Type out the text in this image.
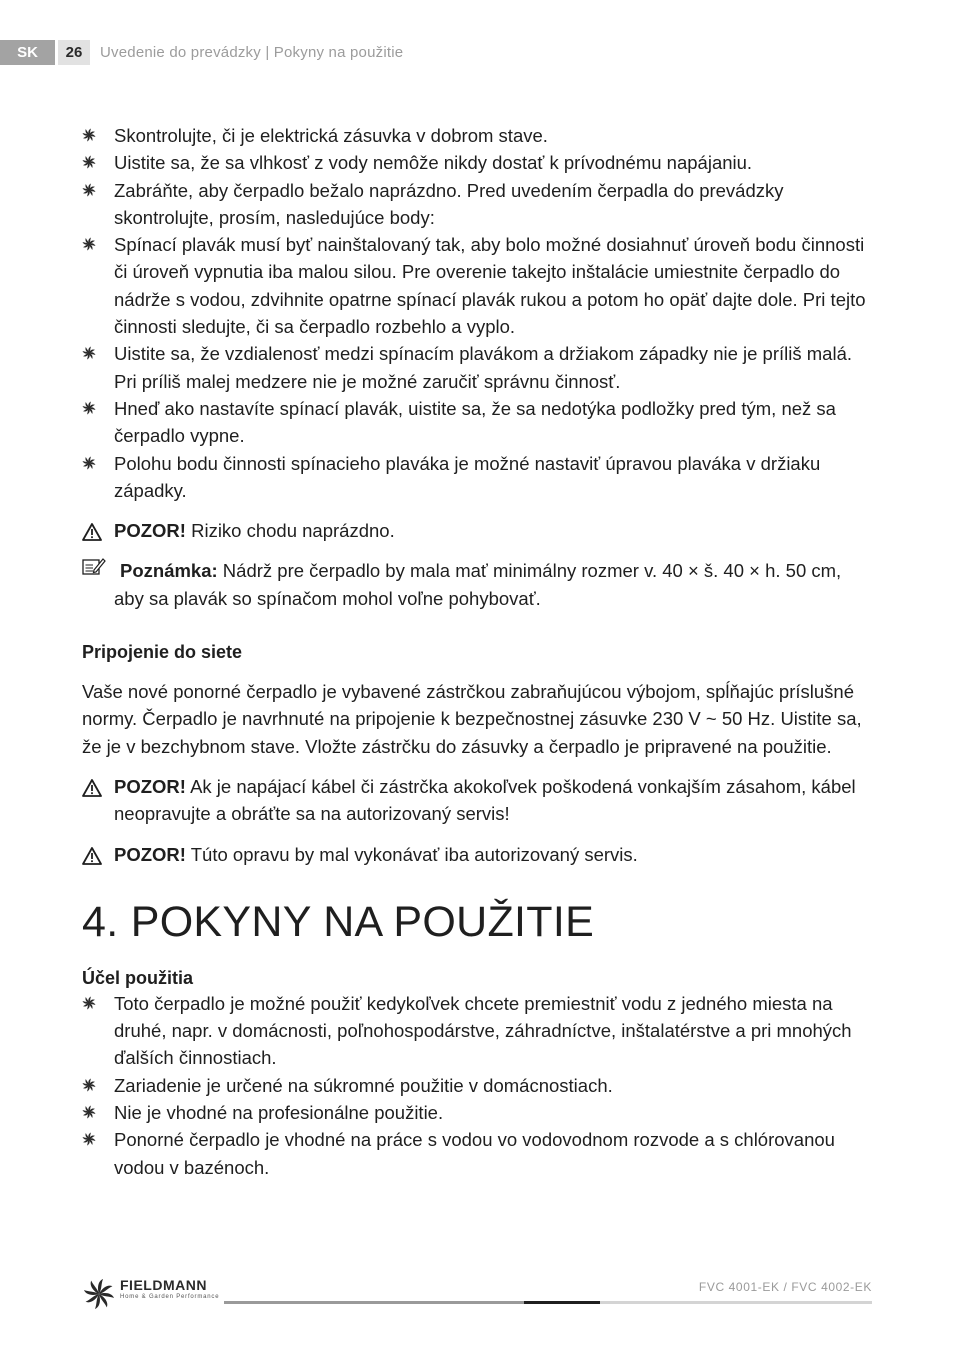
SK	26	Uvedenie do prevádzky | Pokyny na použitie
Skontrolujte, či je elektrická zásuvka v dobrom stave.
Uistite sa, že sa vlhkosť z vody nemôže nikdy dostať k prívodnému napájaniu.
Zabráňte, aby čerpadlo bežalo naprázdno. Pred uvedením čerpadla do prevádzky skontrolujte, prosím, nasledujúce body:
Spínací plavák musí byť nainštalovaný tak, aby bolo možné dosiahnuť úroveň bodu činnosti či úroveň vypnutia iba malou silou. Pre overenie takejto inštalácie umiestnite čerpadlo do nádrže s vodou, zdvihnite opatrne spínací plavák rukou a potom ho opäť dajte dole. Pri tejto činnosti sledujte, či sa čerpadlo rozbehlo a vyplo.
Uistite sa, že vzdialenosť medzi spínacím plavákom a držiakom západky nie je príliš malá. Pri príliš malej medzere nie je možné zaručiť správnu činnosť.
Hneď ako nastavíte spínací plavák, uistite sa, že sa nedotýka podložky pred tým, než sa čerpadlo vypne.
Polohu bodu činnosti spínacieho plaváka je možné nastaviť úpravou plaváka v držiaku západky.
POZOR! Riziko chodu naprázdno.
Poznámka: Nádrž pre čerpadlo by mala mať minimálny rozmer v. 40 × š. 40 × h. 50 cm, aby sa plavák so spínačom mohol voľne pohybovať.
Pripojenie do siete
Vaše nové ponorné čerpadlo je vybavené zástrčkou zabraňujúcou výbojom, spĺňajúc príslušné normy. Čerpadlo je navrhnuté na pripojenie k bezpečnostnej zásuvke 230 V ~ 50 Hz. Uistite sa, že je v bezchybnom stave. Vložte zástrčku do zásuvky a čerpadlo je pripravené na použitie.
POZOR! Ak je napájací kábel či zástrčka akokoľvek poškodená vonkajším zásahom, kábel neopravujte a obráťte sa na autorizovaný servis!
POZOR! Túto opravu by mal vykonávať iba autorizovaný servis.
4. POKYNY NA POUŽITIE
Účel použitia
Toto čerpadlo je možné použiť kedykoľvek chcete premiestniť vodu z jedného miesta na druhé, napr. v domácnosti, poľnohospodárstve, záhradníctve, inštalatérstve a pri mnohých ďalších činnostiach.
Zariadenie je určené na súkromné použitie v domácnostiach.
Nie je vhodné na profesionálne použitie.
Ponorné čerpadlo je vhodné na práce s vodou vo vodovodnom rozvode a s chlórovanou vodou v bazénoch.
FIELDMANN
Home & Garden Performance
FVC 4001-EK / FVC 4002-EK
